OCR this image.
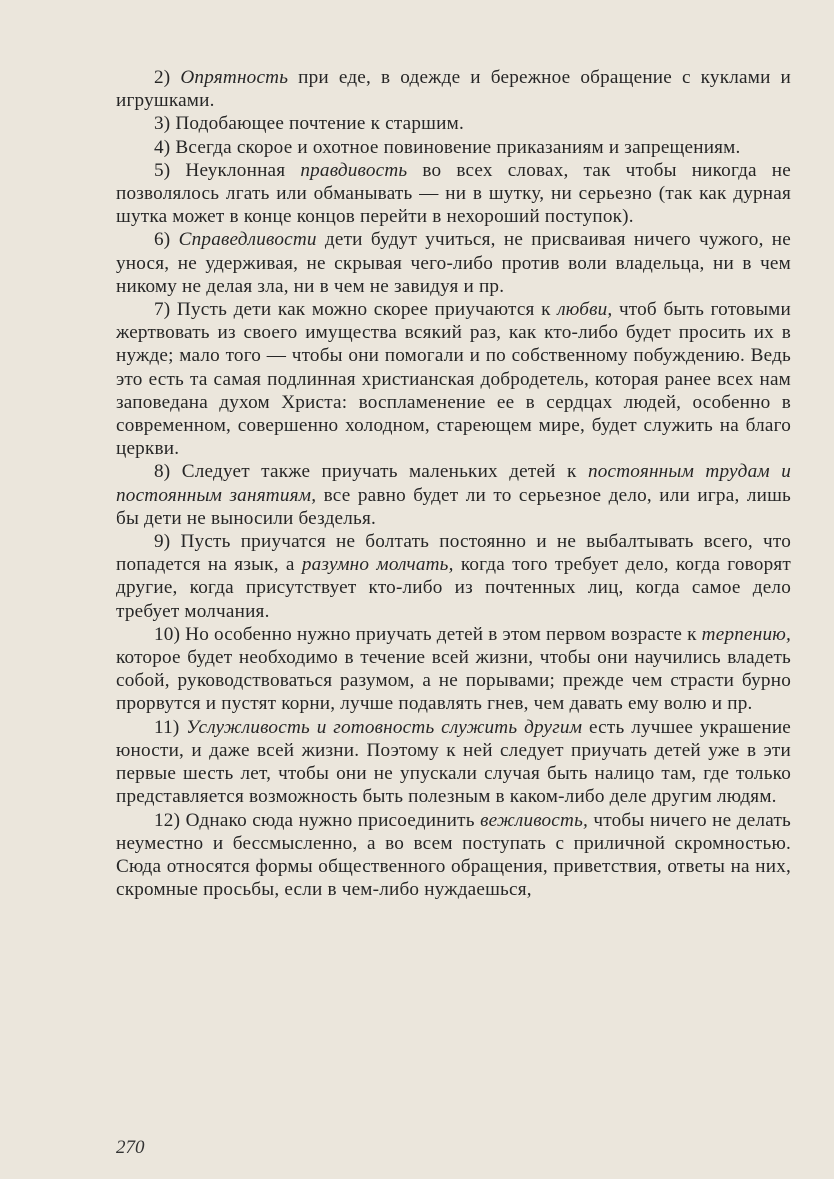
2) Опрятность при еде, в одежде и бережное обращение с куклами и игрушками.

3) Подобающее почтение к старшим.

4) Всегда скорое и охотное повиновение приказаниям и запрещениям.

5) Неуклонная правдивость во всех словах, так чтобы никогда не позволялось лгать или обманывать — ни в шутку, ни серьезно (так как дурная шутка может в конце концов перейти в нехороший поступок).

6) Справедливости дети будут учиться, не присваивая ничего чужого, не унося, не удерживая, не скрывая чего-либо против воли владельца, ни в чем никому не делая зла, ни в чем не завидуя и пр.

7) Пусть дети как можно скорее приучаются к любви, чтоб быть готовыми жертвовать из своего имущества всякий раз, как кто-либо будет просить их в нужде; мало того — чтобы они помогали и по собственному побуждению. Ведь это есть та самая подлинная христианская добродетель, которая ранее всех нам заповедана духом Христа: воспламенение ее в сердцах людей, особенно в современном, совершенно холодном, стареющем мире, будет служить на благо церкви.

8) Следует также приучать маленьких детей к постоянным трудам и постоянным занятиям, все равно будет ли то серьезное дело, или игра, лишь бы дети не выносили безделья.

9) Пусть приучатся не болтать постоянно и не выбалтывать всего, что попадется на язык, а разумно молчать, когда того требует дело, когда говорят другие, когда присутствует кто-либо из почтенных лиц, когда самое дело требует молчания.

10) Но особенно нужно приучать детей в этом первом возрасте к терпению, которое будет необходимо в течение всей жизни, чтобы они научились владеть собой, руководствоваться разумом, а не порывами; прежде чем страсти бурно прорвутся и пустят корни, лучше подавлять гнев, чем давать ему волю и пр.

11) Услужливость и готовность служить другим есть лучшее украшение юности, и даже всей жизни. Поэтому к ней следует приучать детей уже в эти первые шесть лет, чтобы они не упускали случая быть налицо там, где только представляется возможность быть полезным в каком-либо деле другим людям.

12) Однако сюда нужно присоединить вежливость, чтобы ничего не делать неуместно и бессмысленно, а во всем поступать с приличной скромностью. Сюда относятся формы общественного обращения, приветствия, ответы на них, скромные просьбы, если в чем-либо нуждаешься,

270
